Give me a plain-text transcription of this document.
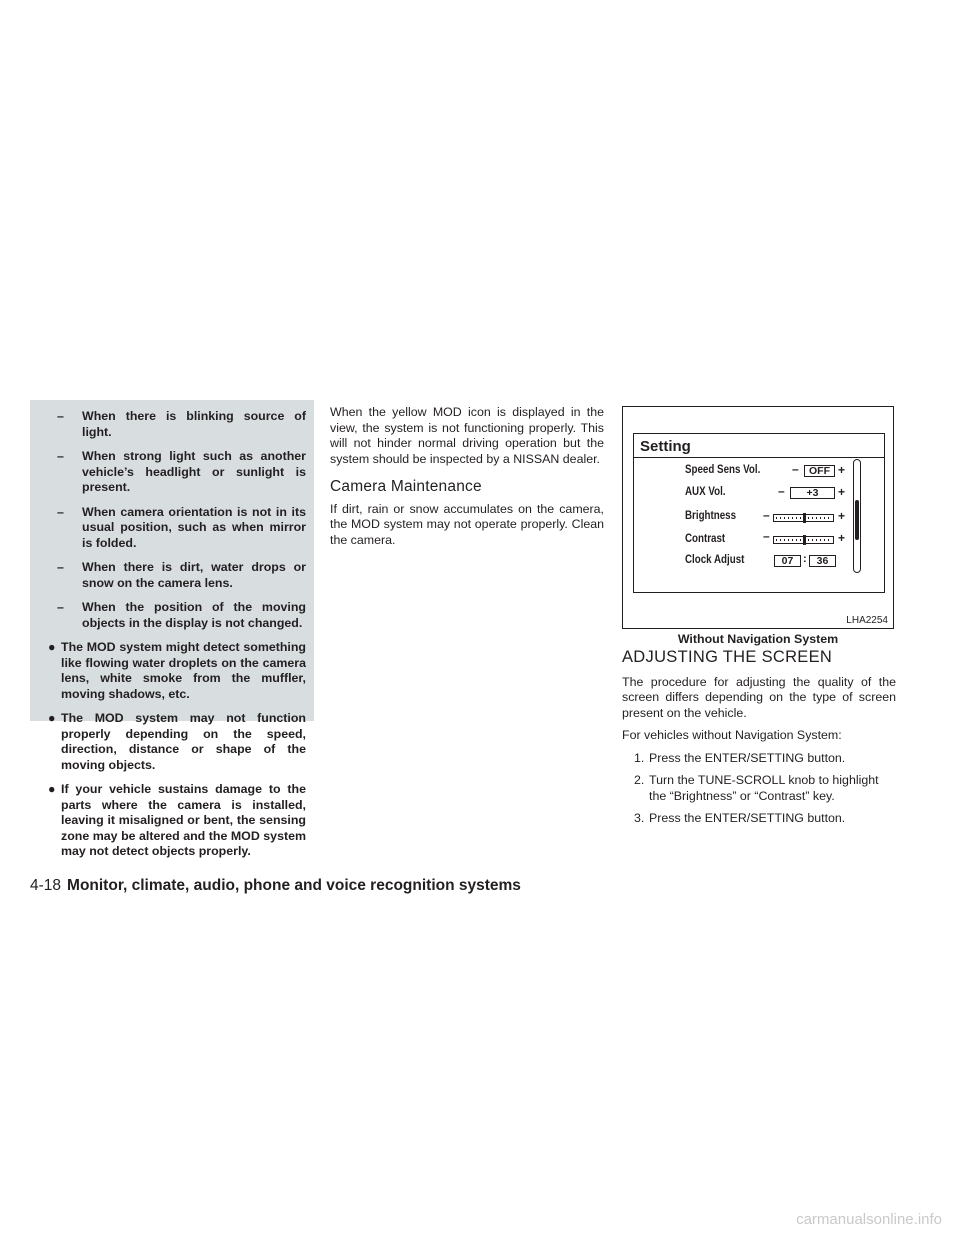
– When there is blinking source of light.
– When strong light such as another vehicle’s headlight or sunlight is present.
– When camera orientation is not in its usual position, such as when mirror is folded.
– When there is dirt, water drops or snow on the camera lens.
– When the position of the moving objects in the display is not changed.
● The MOD system might detect something like flowing water droplets on the camera lens, white smoke from the muffler, moving shadows, etc.
● The MOD system may not function properly depending on the speed, direction, distance or shape of the moving objects.
● If your vehicle sustains damage to the parts where the camera is installed, leaving it misaligned or bent, the sensing zone may be altered and the MOD system may not detect objects properly.

When the yellow MOD icon is displayed in the view, the system is not functioning properly. This will not hinder normal driving operation but the system should be inspected by a NISSAN dealer.

Camera Maintenance

If dirt, rain or snow accumulates on the camera, the MOD system may not operate properly. Clean the camera.

Setting
Speed Sens Vol.	– OFF +
AUX Vol.	–	+3	+
Brightness –	+
Contrast	–	+
Clock Adjust	07 : 36
LHA2254
Without Navigation System
ADJUSTING THE SCREEN

The procedure for adjusting the quality of the screen differs depending on the type of screen present on the vehicle.

For vehicles without Navigation System:

1. Press the ENTER/SETTING button.
2. Turn the TUNE-SCROLL knob to highlight the “Brightness” or “Contrast” key.
3. Press the ENTER/SETTING button.
4-18 Monitor, climate, audio, phone and voice recognition systems
carmanualsonline.info
